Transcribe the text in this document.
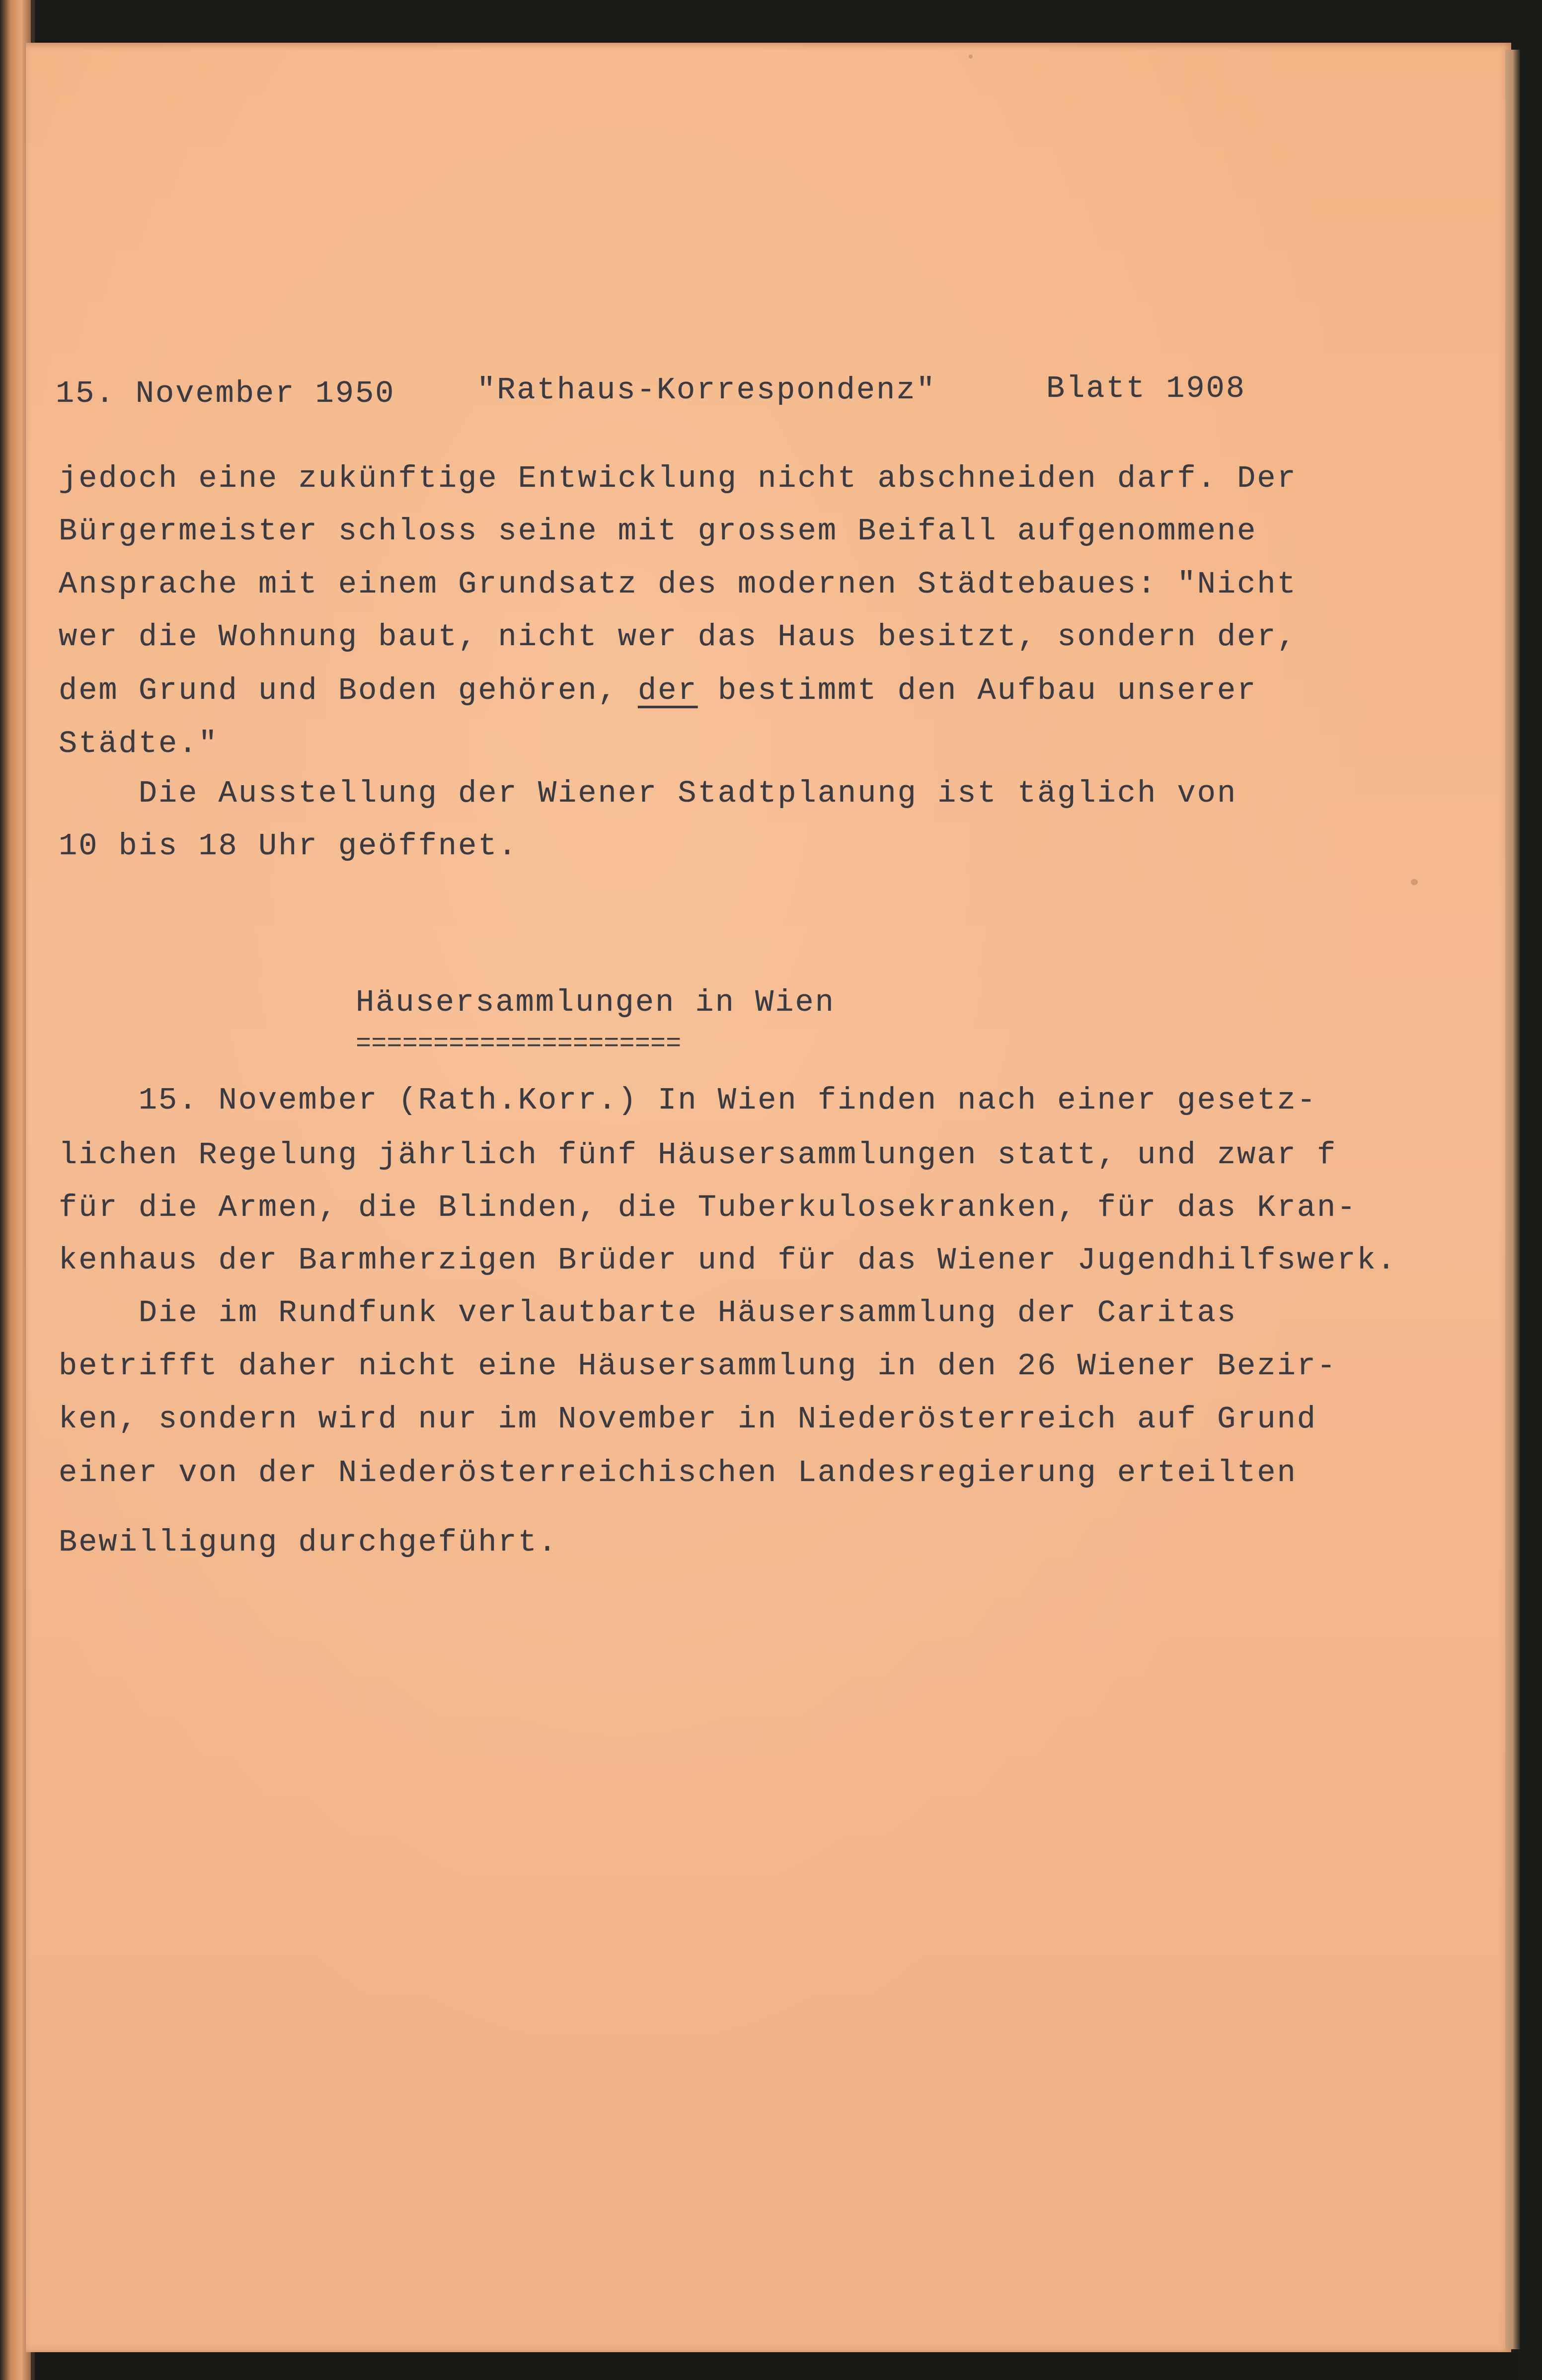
15. November 1950	"Rathaus-Korrespondenz"	Blatt 1908
jedoch eine zukünftige Entwicklung nicht abschneiden darf. Der
Bürgermeister schloss seine mit grossem Beifall aufgenommene
Ansprache mit einem Grundsatz des modernen Städtebaues: "Nicht
wer die Wohnung baut, nicht wer das Haus besitzt, sondern der,
dem Grund und Boden gehören, der bestimmt den Aufbau unserer
Städte."
Die Ausstellung der Wiener Stadtplanung ist täglich von
10 bis 18 Uhr geöffnet.
Häusersammlungen in Wien
=====================
15. November (Rath.Korr.) In Wien finden nach einer gesetz-
lichen Regelung jährlich fünf Häusersammlungen statt, und zwar f
für die Armen, die Blinden, die Tuberkulosekranken, für das Kran-
kenhaus der Barmherzigen Brüder und für das Wiener Jugendhilfswerk.
Die im Rundfunk verlautbarte Häusersammlung der Caritas
betrifft daher nicht eine Häusersammlung in den 26 Wiener Bezir-
ken, sondern wird nur im November in Niederösterreich auf Grund
einer von der Niederösterreichischen Landesregierung erteilten
Bewilligung durchgeführt.
